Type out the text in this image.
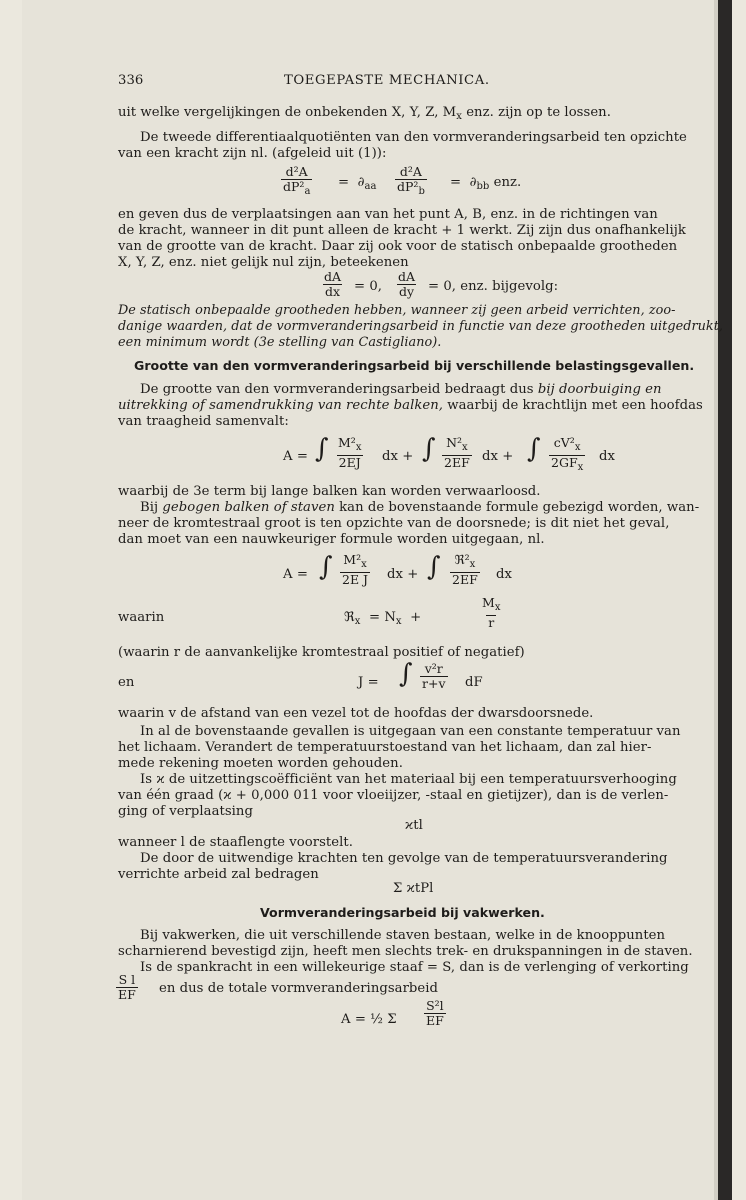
336	TOEGEPASTE MECHANICA.
uit welke vergelijkingen de onbekenden X, Y, Z, $M_x$ enz. zijn op te lossen.
De tweede differentiaalquotiënten van den vormveranderingsarbeid ten opzichte
van een kracht zijn nl. (afgeleid uit (1)):
$\frac{\text{d²A}}{dP^2_a} = \partial_{aa} \frac{\text{d²A}}{dP^2_b} = \partial_{bb}$ enz.
en geven dus de verplaatsingen aan van het punt A, B, enz. in de richtingen van
de kracht, wanneer in dit punt alleen de kracht + 1 werkt. Zij zijn dus onafhankelijk
van de grootte van de kracht. Daar zij ook voor de statisch onbepaalde grootheden
X, Y, Z, enz. niet gelijk nul zijn, beteekenen
$\frac{dA}{dx} = 0$, $\frac{dA}{dy} = 0$, enz. bijgevolg:
De statisch onbepaalde grootheden hebben, wanneer zij geen arbeid verrichten, zoo-
danige waarden, dat de vormveranderingsarbeid in functie van deze grootheden uitgedrukt,
een minimum wordt (3e stelling van Castigliano).
Grootte van den vormveranderingsarbeid bij verschillende belastingsgevallen.
De grootte van den vormveranderingsarbeid bedraagt dus bij doorbuiging en
uitrekking of samendrukking van rechte balken, waarbij de krachtlijn met een hoofdas
van traagheid samenvalt:
A = ∫ $\frac{M^2_x}{2EJ}$ dx + ∫ $\frac{N^2_x}{2EF}$ dx + ∫ $cV^2_x$
$2GF_x$
dx
waarbij de 3e term bij lange balken kan worden verwaarloosd.
Bij gebogen balken of staven kan de bovenstaande formule gebezigd worden, wan-
neer de kromtestraal groot is ten opzichte van de doorsnede; is dit niet het geval,
dan moet van een nauwkeuriger formule worden uitgegaan, nl.
A = ∫ $\frac{M^2_x}{\text{2E J}}$ dx + ∫ $ℜ^2_x$
2EF dx
waarin	ℜ$_x$ = $N_x$ +	$\frac{M_x}{r}$
(waarin r de aanvankelijke kromtestraal positief of negatief)
en	J = ∫ $\frac{\text{v²r}}{r+v}$ dF
waarin v de afstand van een vezel tot de hoofdas der dwarsdoorsnede.
In al de bovenstaande gevallen is uitgegaan van een constante temperatuur van
het lichaam. Verandert de temperatuurstoestand van het lichaam, dan zal hier-
mede rekening moeten worden gehouden.
Is ϰ de uitzettingscoëfficiënt van het materiaal bij een temperatuursverhooging
van één graad (ϰ + 0,000 011 voor vloeiijzer, -staal en gietijzer), dan is de verlen-
ging of verplaatsing
ϰtl
wanneer l de staaflengte voorstelt.
De door de uitwendige krachten ten gevolge van de temperatuursverandering
verrichte arbeid zal bedragen
Σ ϰtPl
Vormveranderingsarbeid bij vakwerken.
Bij vakwerken, die uit verschillende staven bestaan, welke in de knooppunten
scharnierend bevestigd zijn, heeft men slechts trek- en drukspanningen in de staven.
Is de spankracht in een willekeurige staaf = S, dan is de verlenging of verkorting
$\frac{\text{S l}}{EF}$ en dus de totale vormveranderingsarbeid
A = ½ Σ $\frac{\text{S²l}}{EF}$
